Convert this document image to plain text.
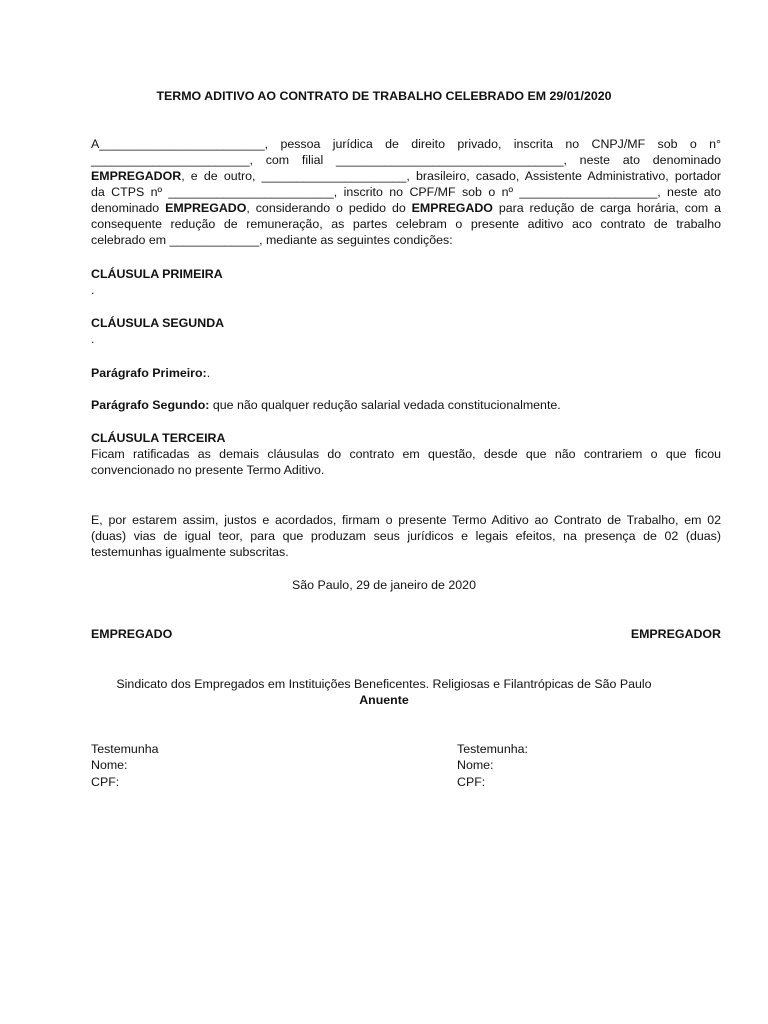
TERMO ADITIVO AO CONTRATO DE TRABALHO CELEBRADO EM 29/01/2020
A________________________, pessoa jurídica de direito privado, inscrita no CNPJ/MF sob o n°
_______________________, com filial _________________________________, neste ato denominado
EMPREGADOR, e de outro, _____________________, brasileiro, casado, Assistente Administrativo, portador
da CTPS nº ________________________, inscrito no CPF/MF sob o nº ____________________, neste ato
denominado EMPREGADO, considerando o pedido do EMPREGADO para redução de carga horária, com a
consequente redução de remuneração, as partes celebram o presente aditivo aco contrato de trabalho
celebrado em _____________, mediante as seguintes condições:
CLÁUSULA PRIMEIRA
.
CLÁUSULA SEGUNDA
.
Parágrafo Primeiro:.
Parágrafo Segundo: que não qualquer redução salarial vedada constitucionalmente.
CLÁUSULA TERCEIRA
Ficam ratificadas as demais cláusulas do contrato em questão, desde que não contrariem o que ficou
convencionado no presente Termo Aditivo.
E, por estarem assim, justos e acordados, firmam o presente Termo Aditivo ao Contrato de Trabalho, em 02
(duas) vias de igual teor, para que produzam seus jurídicos e legais efeitos, na presença de 02 (duas)
testemunhas igualmente subscritas.
São Paulo, 29 de janeiro de 2020
EMPREGADO	EMPREGADOR
Sindicato dos Empregados em Instituições Beneficentes. Religiosas e Filantrópicas de São Paulo
Anuente
Testemunha
Nome:
CPF:
Testemunha:
Nome:
CPF:
